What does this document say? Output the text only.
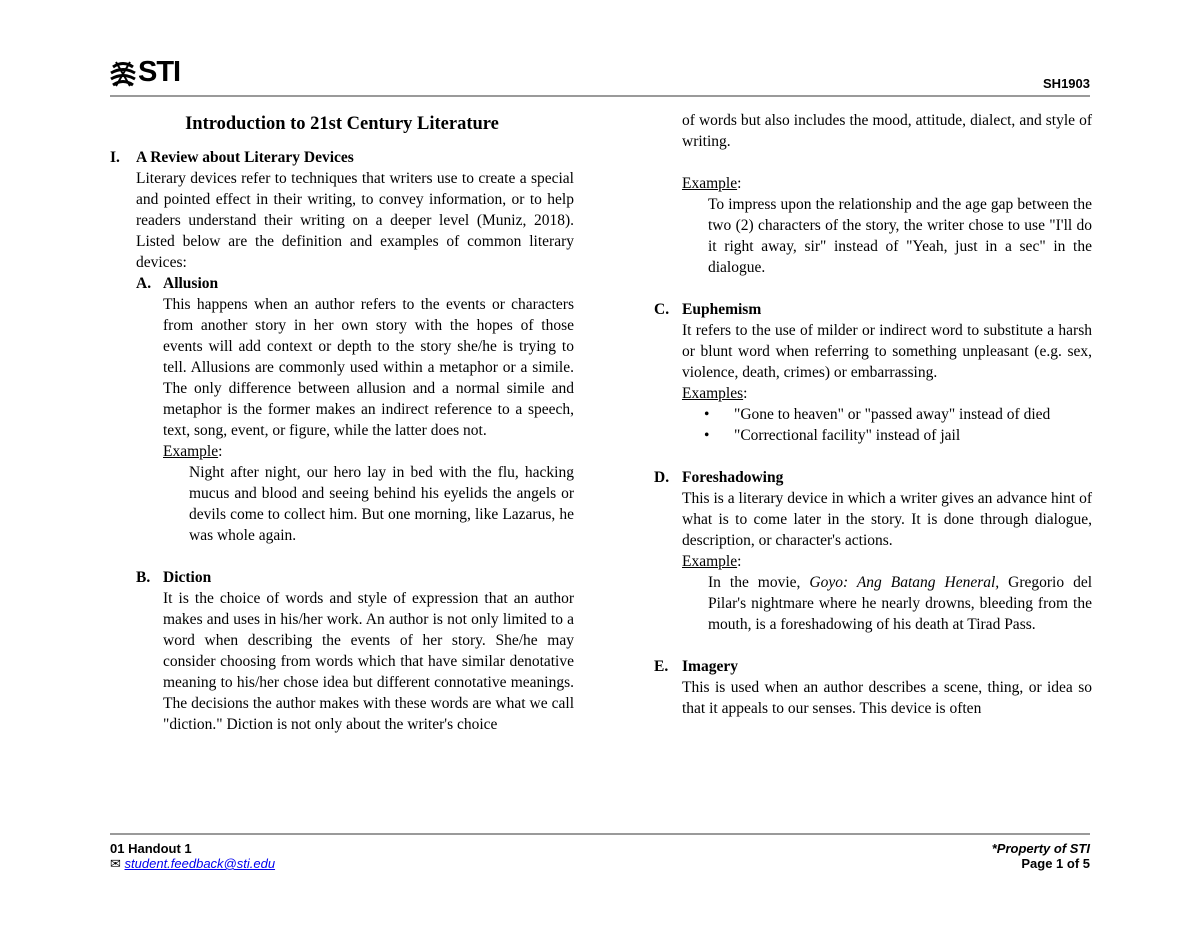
STI	SH1903
Introduction to 21st Century Literature
I.	A Review about Literary Devices

Literary devices refer to techniques that writers use to create a special and pointed effect in their writing, to convey information, or to help readers understand their writing on a deeper level (Muniz, 2018). Listed below are the definition and examples of common literary devices:

A. Allusion

This happens when an author refers to the events or characters from another story in her own story with the hopes of those events will add context or depth to the story she/he is trying to tell. Allusions are commonly used within a metaphor or a simile. The only difference between allusion and a normal simile and metaphor is the former makes an indirect reference to a speech, text, song, event, or figure, while the latter does not.

Example:

Night after night, our hero lay in bed with the flu, hacking mucus and blood and seeing behind his eyelids the angels or devils come to collect him. But one morning, like Lazarus, he was whole again.

B. Diction

It is the choice of words and style of expression that an author makes and uses in his/her work. An author is not only limited to a word when describing the events of her story. She/he may consider choosing from words which that have similar denotative meaning to his/her chose idea but different connotative meanings. The decisions the author makes with these words are what we call "diction." Diction is not only about the writer's choice

of words but also includes the mood, attitude, dialect, and style of writing.

Example:

To impress upon the relationship and the age gap between the two (2) characters of the story, the writer chose to use "I'll do it right away, sir" instead of "Yeah, just in a sec" in the dialogue.

C. Euphemism

It refers to the use of milder or indirect word to substitute a harsh or blunt word when referring to something unpleasant (e.g. sex, violence, death, crimes) or embarrassing.

Examples:
•	"Gone to heaven" or "passed away" instead of died
•	"Correctional facility" instead of jail
D. Foreshadowing

This is a literary device in which a writer gives an advance hint of what is to come later in the story. It is done through dialogue, description, or character's actions.

Example:

In the movie, Goyo: Ang Batang Heneral, Gregorio del Pilar's nightmare where he nearly drowns, bleeding from the mouth, is a foreshadowing of his death at Tirad Pass.

E. Imagery

This is used when an author describes a scene, thing, or idea so that it appeals to our senses. This device is often

01 Handout 1
✉ student.feedback@sti.edu
*Property of STI
Page 1 of 5
